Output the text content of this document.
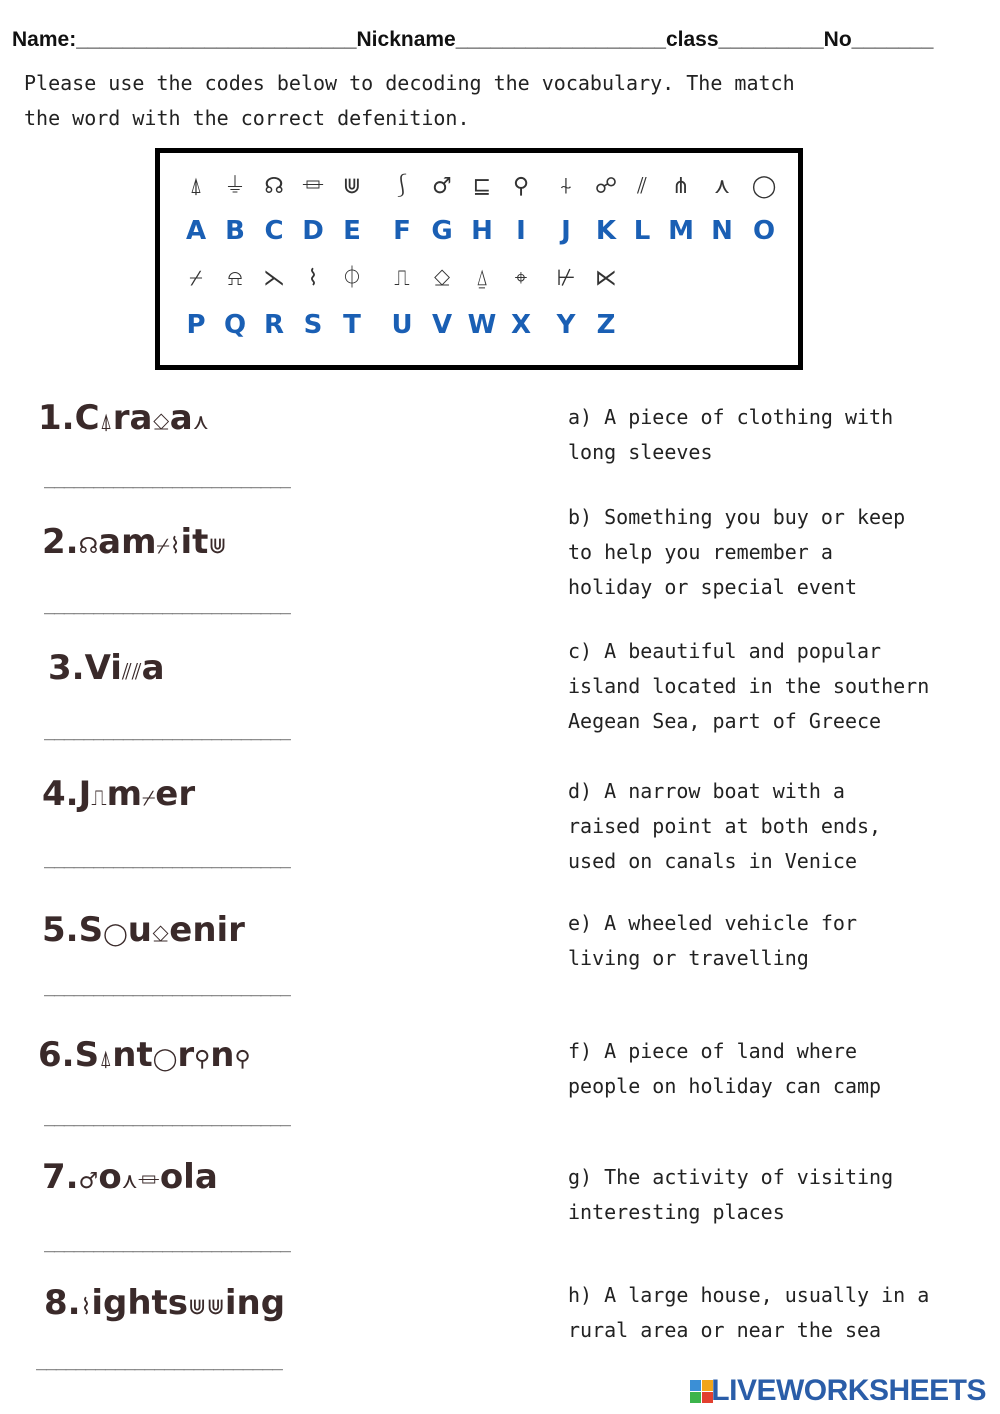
Name:________________________Nickname__________________class_________No_______
Please use the codes below to decoding the vocabulary. The match
the word with the correct defenition.
⍋ ⏚ ☊ ⏛ ⋓	⎰ ♂ ⊑ ⚲	⍭	☍ ⫽	⋔	⋏ ◯
A B C D E	F G H I	J K L M N O
⌿	⍾ ⋋	⌇	⏀	⎍	⎐	⍙	⌖	⊬ ⋉
P Q R S T	U V W X Y Z
1.C⍋ra⎐a⋏
_________________________
2.☊am⌿⌇it⋓
_________________________
3.Vi⫽⫽a
_________________________
4.J⎍m⌿er
_________________________
5.S◯u⎐enir
_________________________
6.S⍋nt◯r⚲n⚲
_________________________
7.♂o⋏⏛ola
_________________________
8.⌇ights⋓⋓ing
_________________________
a) A piece of clothing with
long sleeves
b) Something you buy or keep
to help you remember a
holiday or special event
c) A beautiful and popular
island located in the southern
Aegean Sea, part of Greece
d) A narrow boat with a
raised point at both ends,
used on canals in Venice
e) A wheeled vehicle for
living or travelling
f) A piece of land where
people on holiday can camp
g) The activity of visiting
interesting places
h) A large house, usually in a
rural area or near the sea
LIVEWORKSHEETS
